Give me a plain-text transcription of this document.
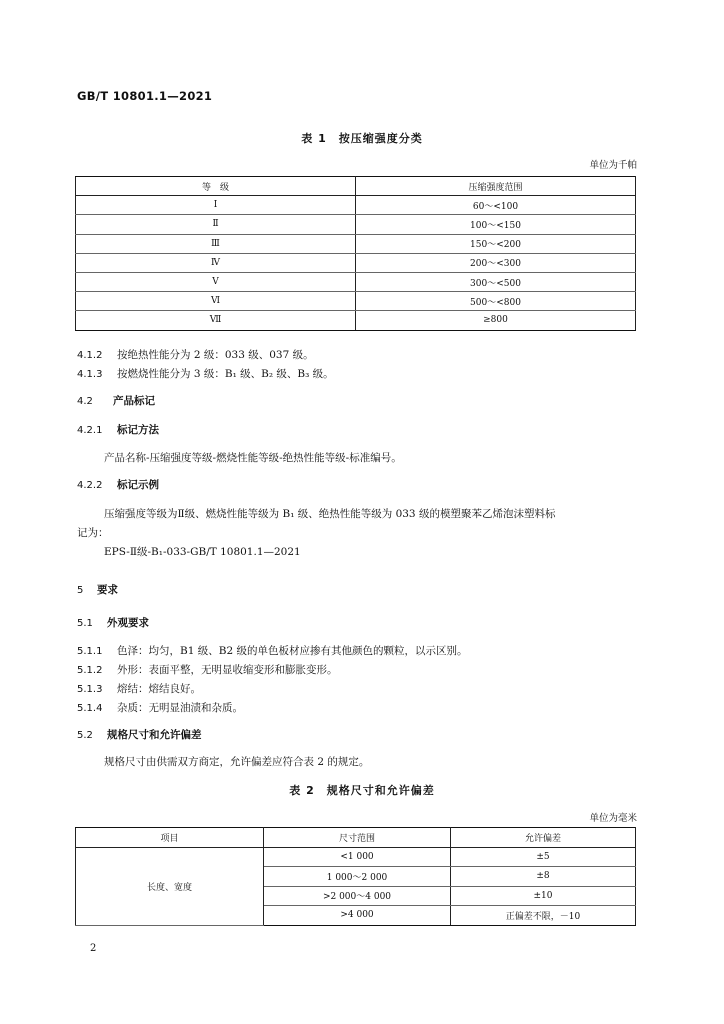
GB/T 10801.1—2021
表 1　按压缩强度分类
单位为千帕
等　级	压缩强度范围
Ⅰ	60～<100
Ⅱ	100～<150
Ⅲ	150～<200
Ⅳ	200～<300
Ⅴ	300～<500
Ⅵ	500～<800
Ⅶ	≥800
4.1.2 按绝热性能分为 2 级：033 级、037 级。
4.1.3 按燃烧性能分为 3 级：B₁ 级、B₂ 级、B₃ 级。
4.2 产品标记
4.2.1 标记方法
产品名称-压缩强度等级-燃烧性能等级-绝热性能等级-标准编号。
4.2.2 标记示例
压缩强度等级为Ⅱ级、燃烧性能等级为 B₁ 级、绝热性能等级为 033 级的模塑聚苯乙烯泡沫塑料标
记为：
EPS-Ⅱ级-B₁-033-GB/T 10801.1—2021
5 要求
5.1 外观要求
5.1.1 色泽：均匀，B1 级、B2 级的单色板材应掺有其他颜色的颗粒，以示区别。
5.1.2 外形：表面平整，无明显收缩变形和膨胀变形。
5.1.3 熔结：熔结良好。
5.1.4 杂质：无明显油渍和杂质。
5.2 规格尺寸和允许偏差
规格尺寸由供需双方商定，允许偏差应符合表 2 的规定。
表 2　规格尺寸和允许偏差
单位为毫米
项目	尺寸范围	允许偏差
长度、宽度	<1 000	±5
	1 000～2 000	±8
	>2 000～4 000	±10
	>4 000	正偏差不限，－10
2
